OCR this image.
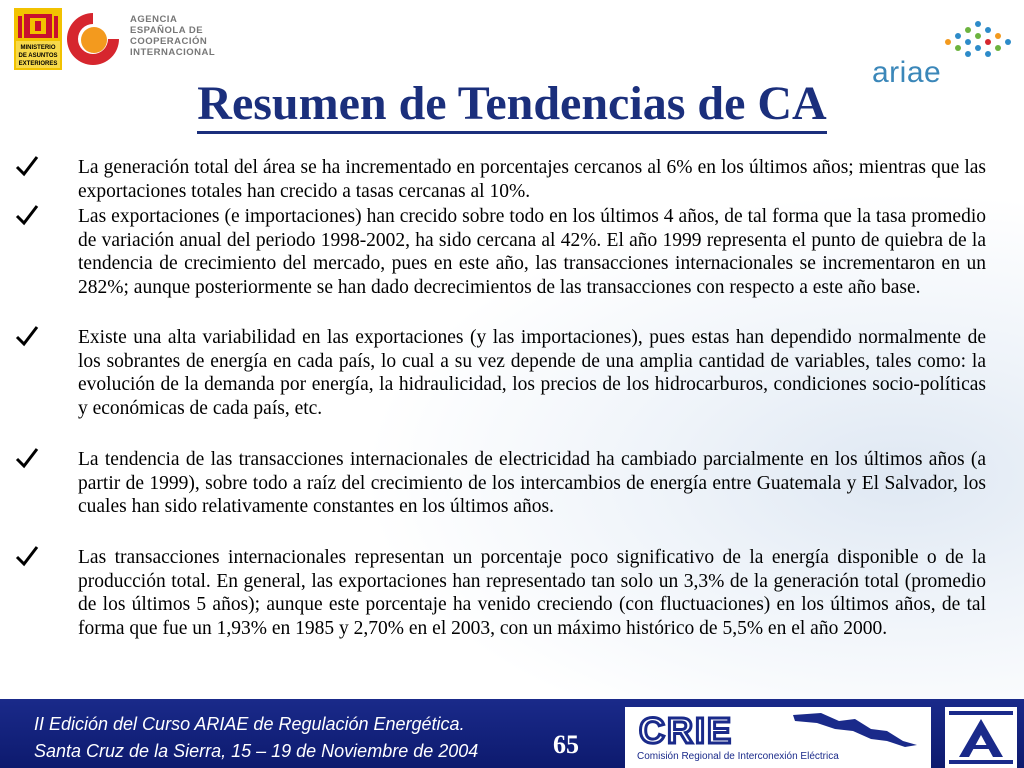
MINISTERIO
DE ASUNTOS
EXTERIORES
AGENCIA
ESPAÑOLA DE
COOPERACIÓN
INTERNACIONAL
ariae
Resumen de Tendencias de CA
La generación total del área se ha incrementado en porcentajes cercanos al 6% en los últimos años; mientras que las exportaciones totales han crecido a tasas cercanas al 10%.
Las exportaciones (e importaciones) han crecido sobre todo en los últimos 4 años, de tal forma que la tasa promedio de variación anual del periodo 1998-2002, ha sido cercana al 42%. El año 1999 representa el punto de quiebra de la tendencia de crecimiento del mercado, pues en este año, las transacciones internacionales se incrementaron en un 282%; aunque posteriormente se han dado decrecimientos de las transacciones con respecto a este año base.
Existe una alta variabilidad en las exportaciones (y las importaciones), pues estas han dependido normalmente de los sobrantes de energía en cada país, lo cual a su vez depende de una amplia cantidad de variables, tales como: la evolución de la demanda por energía, la hidraulicidad, los precios de los hidrocarburos, condiciones socio-políticas y económicas de cada país, etc.
La tendencia de las transacciones internacionales de electricidad ha cambiado parcialmente en los últimos años (a partir de 1999), sobre todo a raíz del crecimiento de los intercambios de energía entre Guatemala y El Salvador, los cuales han sido relativamente constantes en los últimos años.
Las transacciones internacionales representan un porcentaje poco significativo de la energía disponible o de la producción total. En general, las exportaciones han representado tan solo un 3,3% de la generación total (promedio de los últimos 5 años); aunque este porcentaje ha venido creciendo (con fluctuaciones) en los últimos años, de tal forma que fue un 1,93% en 1985 y 2,70% en el 2003, con un máximo histórico de 5,5% en el año 2000.
II Edición del Curso ARIAE de Regulación Energética.
Santa Cruz de la Sierra, 15 – 19 de Noviembre de 2004	65 CRIE
Comisión Regional de Interconexión Eléctrica
